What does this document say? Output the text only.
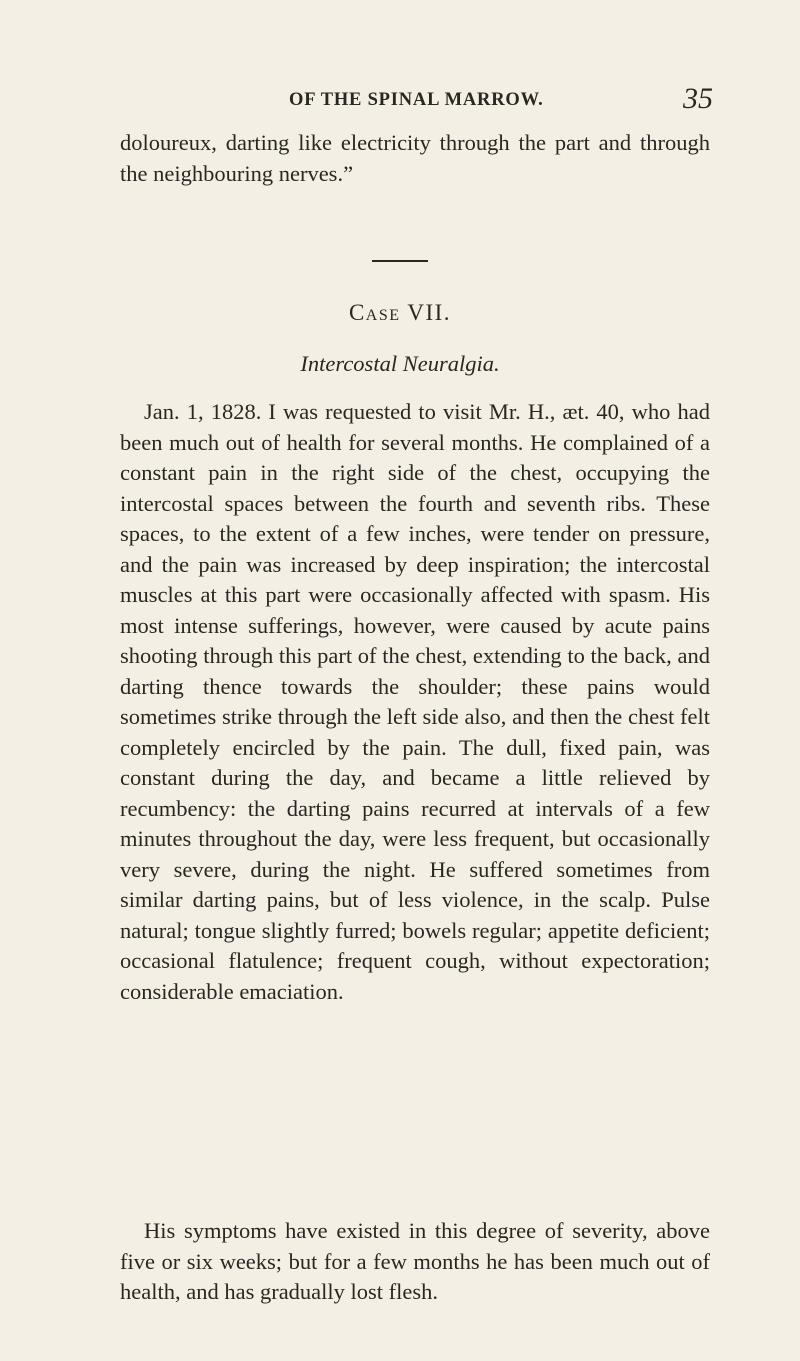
OF THE SPINAL MARROW.	35

doloureux, darting like electricity through the part and through the neighbouring nerves.”

Case VII.
Intercostal Neuralgia.

Jan. 1, 1828. I was requested to visit Mr. H., æt. 40, who had been much out of health for several months. He complained of a constant pain in the right side of the chest, occupying the intercostal spaces between the fourth and seventh ribs. These spaces, to the extent of a few inches, were tender on pressure, and the pain was increased by deep inspiration; the intercostal muscles at this part were occasionally affected with spasm. His most intense sufferings, however, were caused by acute pains shooting through this part of the chest, extending to the back, and darting thence towards the shoulder; these pains would sometimes strike through the left side also, and then the chest felt completely encircled by the pain. The dull, fixed pain, was constant during the day, and became a little relieved by recumbency: the darting pains recurred at intervals of a few minutes throughout the day, were less frequent, but occasionally very severe, during the night. He suffered sometimes from similar darting pains, but of less violence, in the scalp. Pulse natural; tongue slightly furred; bowels regular; appetite deficient; occasional flatulence; frequent cough, without expectoration; considerable emaciation.

His symptoms have existed in this degree of severity, above five or six weeks; but for a few months he has been much out of health, and has gradually lost flesh.
